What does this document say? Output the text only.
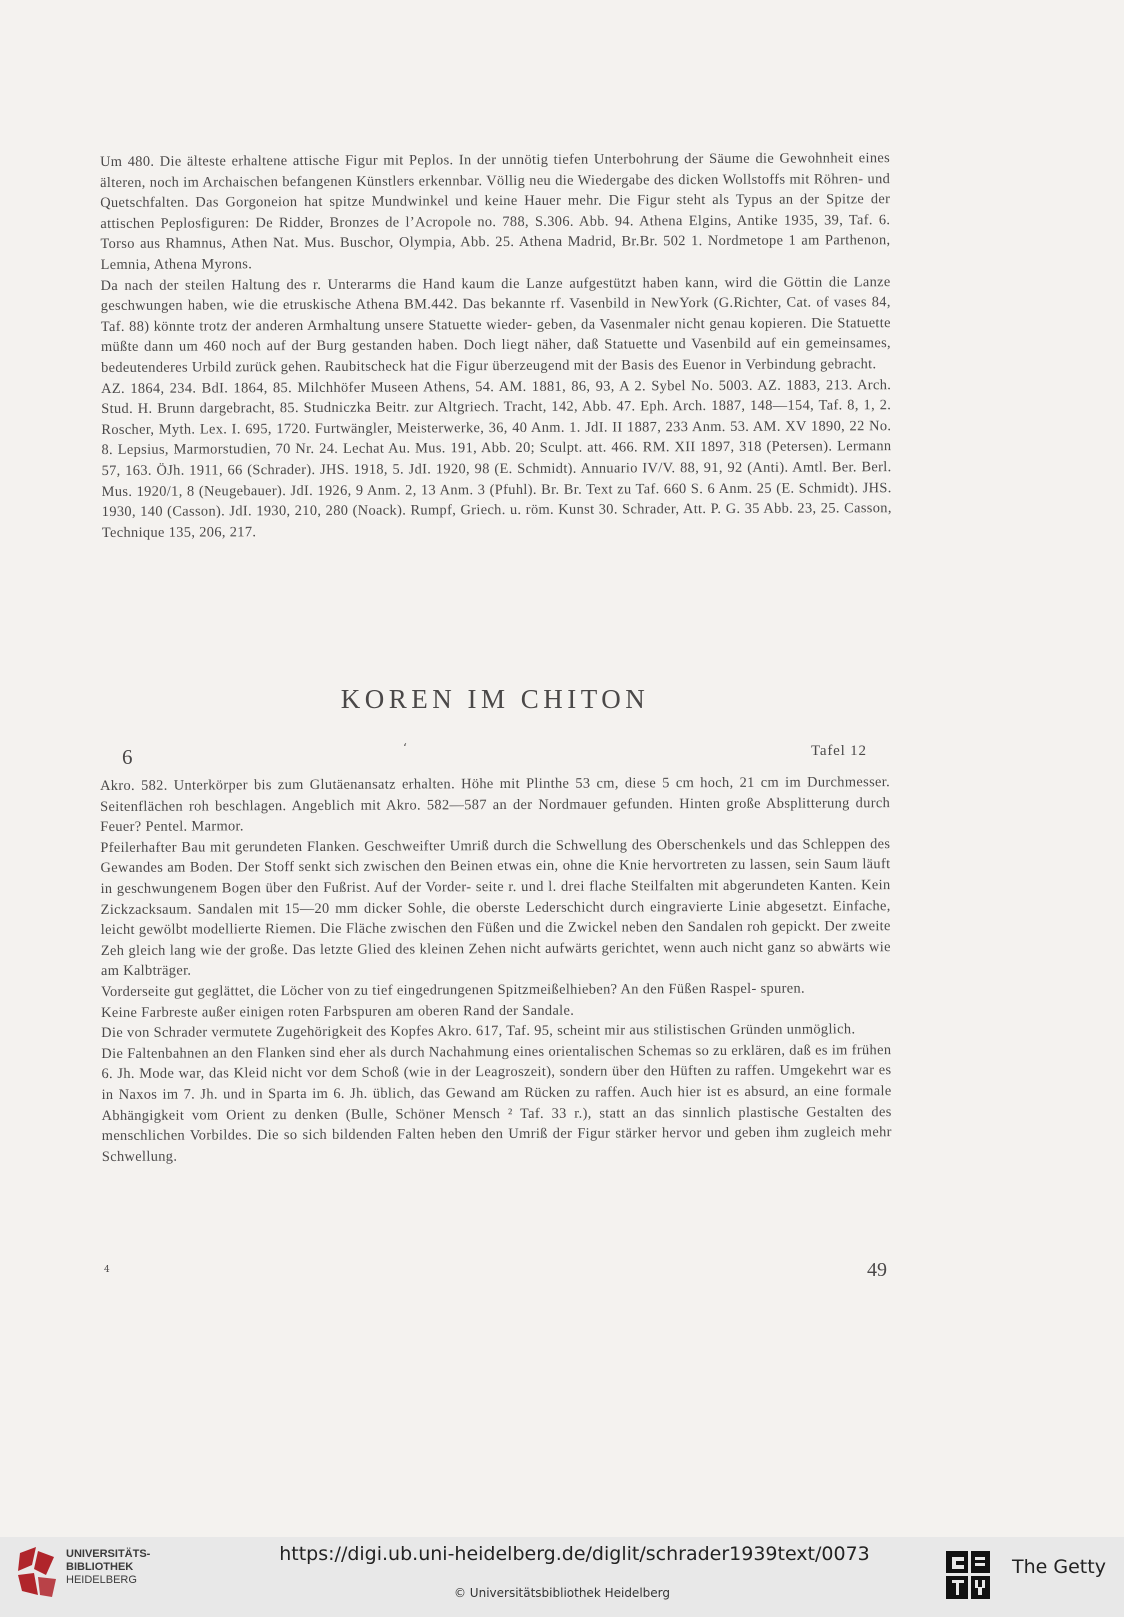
Um 480. Die älteste erhaltene attische Figur mit Peplos. In der unnötig tiefen Unterbohrung der Säume die Gewohnheit eines älteren, noch im Archaischen befangenen Künstlers erkennbar. Völlig neu die Wiedergabe des dicken Wollstoffs mit Röhren- und Quetschfalten. Das Gorgoneion hat spitze Mundwinkel und keine Hauer mehr. Die Figur steht als Typus an der Spitze der attischen Peplosfiguren: De Ridder, Bronzes de l’Acropole no. 788, S.306. Abb. 94. Athena Elgins, Antike 1935, 39, Taf. 6. Torso aus Rhamnus, Athen Nat. Mus. Buschor, Olympia, Abb. 25. Athena Madrid, Br.Br. 502 1. Nordmetope 1 am Parthenon, Lemnia, Athena Myrons.

Da nach der steilen Haltung des r. Unterarms die Hand kaum die Lanze aufgestützt haben kann, wird die Göttin die Lanze geschwungen haben, wie die etruskische Athena BM.442. Das bekannte rf. Vasenbild in NewYork (G.Richter, Cat. of vases 84, Taf. 88) könnte trotz der anderen Armhaltung unsere Statuette wieder- geben, da Vasenmaler nicht genau kopieren. Die Statuette müßte dann um 460 noch auf der Burg gestanden haben. Doch liegt näher, daß Statuette und Vasenbild auf ein gemeinsames, bedeutenderes Urbild zurück gehen. Raubitscheck hat die Figur überzeugend mit der Basis des Euenor in Verbindung gebracht.

AZ. 1864, 234. BdI. 1864, 85. Milchhöfer Museen Athens, 54. AM. 1881, 86, 93, A 2. Sybel No. 5003. AZ. 1883, 213. Arch. Stud. H. Brunn dargebracht, 85. Studniczka Beitr. zur Altgriech. Tracht, 142, Abb. 47. Eph. Arch. 1887, 148—154, Taf. 8, 1, 2. Roscher, Myth. Lex. I. 695, 1720. Furtwängler, Meisterwerke, 36, 40 Anm. 1. JdI. II 1887, 233 Anm. 53. AM. XV 1890, 22 No. 8. Lepsius, Marmorstudien, 70 Nr. 24. Lechat Au. Mus. 191, Abb. 20; Sculpt. att. 466. RM. XII 1897, 318 (Petersen). Lermann 57, 163. ÖJh. 1911, 66 (Schrader). JHS. 1918, 5. JdI. 1920, 98 (E. Schmidt). Annuario IV/V. 88, 91, 92 (Anti). Amtl. Ber. Berl. Mus. 1920/1, 8 (Neugebauer). JdI. 1926, 9 Anm. 2, 13 Anm. 3 (Pfuhl). Br. Br. Text zu Taf. 660 S. 6 Anm. 25 (E. Schmidt). JHS. 1930, 140 (Casson). JdI. 1930, 210, 280 (Noack). Rumpf, Griech. u. röm. Kunst 30. Schrader, Att. P. G. 35 Abb. 23, 25. Casson, Technique 135, 206, 217.

KOREN IM CHITON
6	ʻ	Tafel 12

Akro. 582. Unterkörper bis zum Glutäenansatz erhalten. Höhe mit Plinthe 53 cm, diese 5 cm hoch, 21 cm im Durchmesser. Seitenflächen roh beschlagen. Angeblich mit Akro. 582—587 an der Nordmauer gefunden. Hinten große Absplitterung durch Feuer? Pentel. Marmor.

Pfeilerhafter Bau mit gerundeten Flanken. Geschweifter Umriß durch die Schwellung des Oberschenkels und das Schleppen des Gewandes am Boden. Der Stoff senkt sich zwischen den Beinen etwas ein, ohne die Knie hervortreten zu lassen, sein Saum läuft in geschwungenem Bogen über den Fußrist. Auf der Vorder- seite r. und l. drei flache Steilfalten mit abgerundeten Kanten. Kein Zickzacksaum. Sandalen mit 15—20 mm dicker Sohle, die oberste Lederschicht durch eingravierte Linie abgesetzt. Einfache, leicht gewölbt modellierte Riemen. Die Fläche zwischen den Füßen und die Zwickel neben den Sandalen roh gepickt. Der zweite Zeh gleich lang wie der große. Das letzte Glied des kleinen Zehen nicht aufwärts gerichtet, wenn auch nicht ganz so abwärts wie am Kalbträger.

Vorderseite gut geglättet, die Löcher von zu tief eingedrungenen Spitzmeißelhieben? An den Füßen Raspel- spuren.

Keine Farbreste außer einigen roten Farbspuren am oberen Rand der Sandale.

Die von Schrader vermutete Zugehörigkeit des Kopfes Akro. 617, Taf. 95, scheint mir aus stilistischen Gründen unmöglich.

Die Faltenbahnen an den Flanken sind eher als durch Nachahmung eines orientalischen Schemas so zu erklären, daß es im frühen 6. Jh. Mode war, das Kleid nicht vor dem Schoß (wie in der Leagroszeit), sondern über den Hüften zu raffen. Umgekehrt war es in Naxos im 7. Jh. und in Sparta im 6. Jh. üblich, das Gewand am Rücken zu raffen. Auch hier ist es absurd, an eine formale Abhängigkeit vom Orient zu denken (Bulle, Schöner Mensch ² Taf. 33 r.), statt an das sinnlich plastische Gestalten des menschlichen Vorbildes. Die so sich bildenden Falten heben den Umriß der Figur stärker hervor und geben ihm zugleich mehr Schwellung.

4	49
UNIVERSITÄTS-
BIBLIOTHEK
HEIDELBERG
https://digi.ub.uni-heidelberg.de/diglit/schrader1939text/0073
© Universitätsbibliothek Heidelberg
The Getty
